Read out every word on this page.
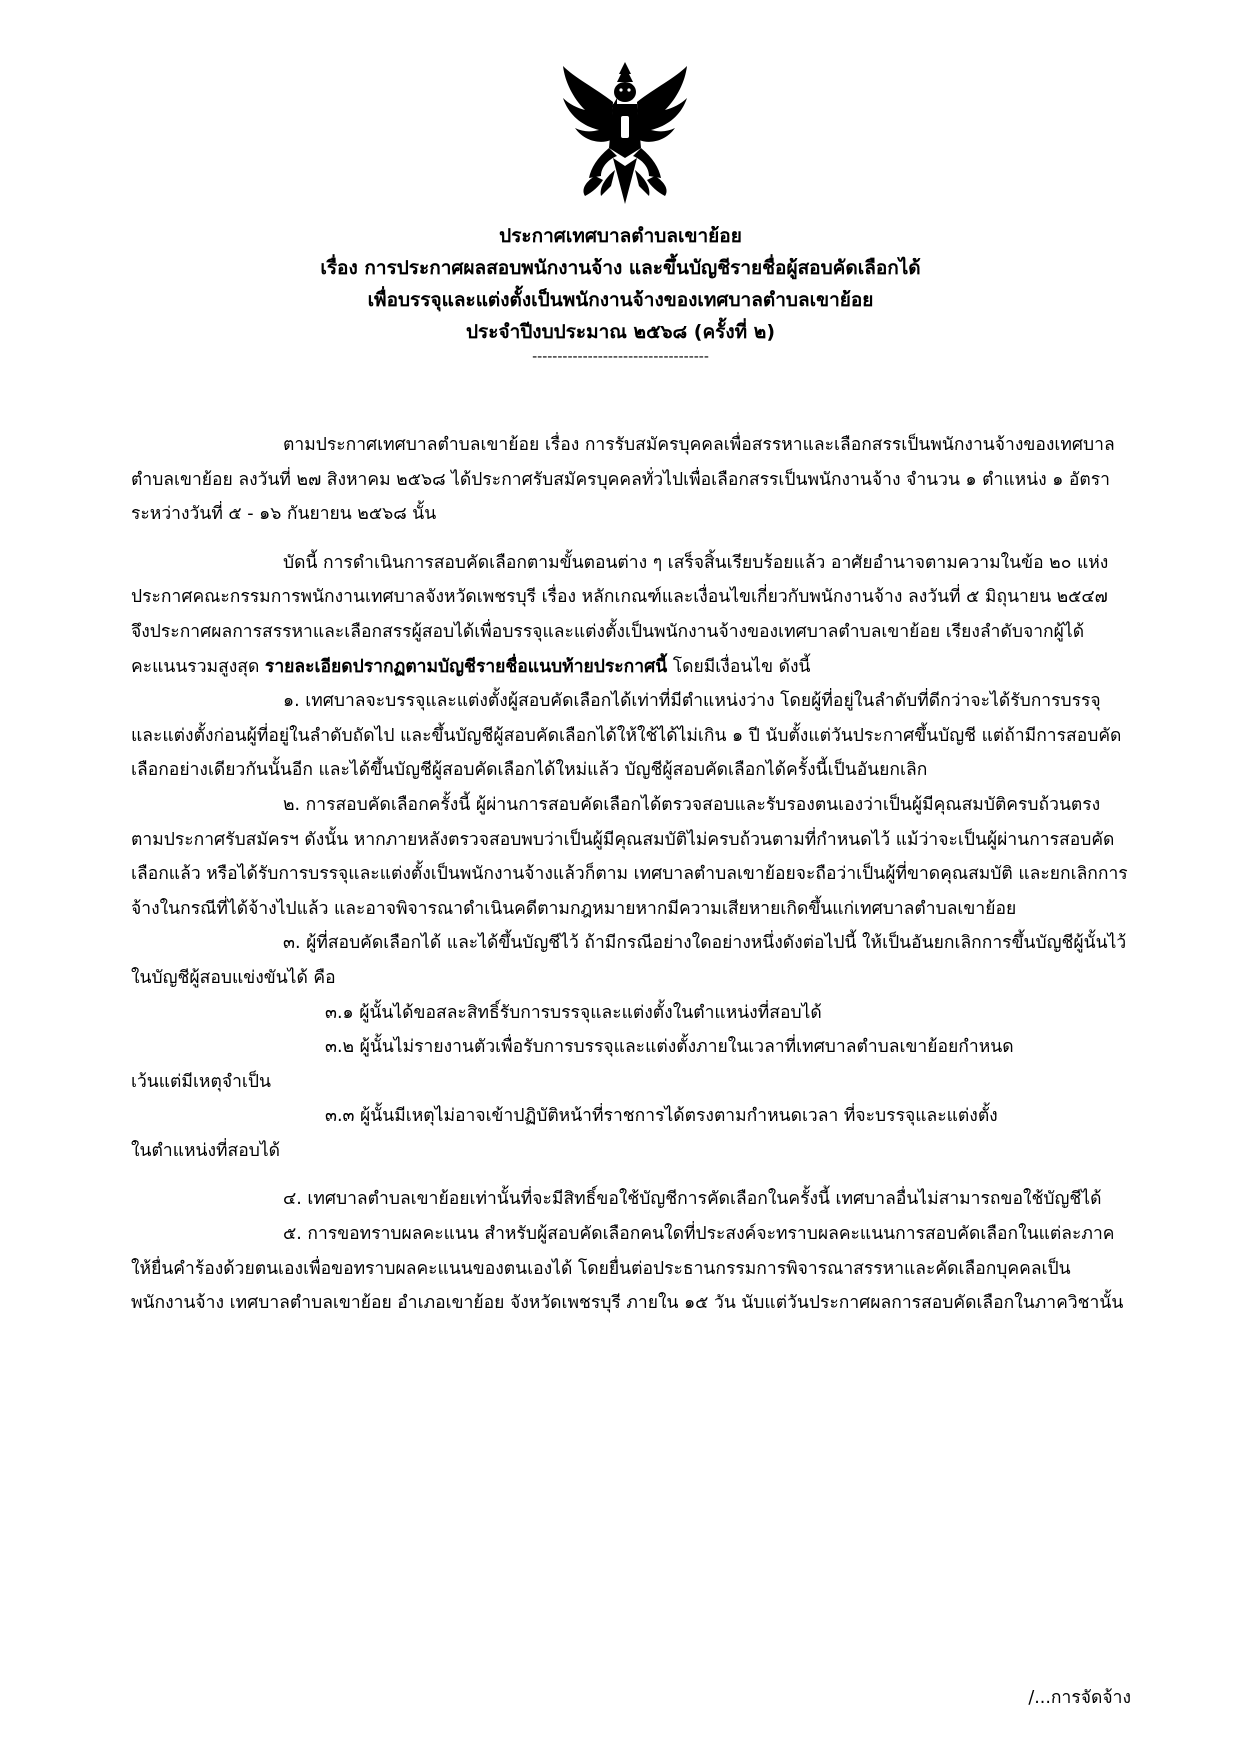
ประกาศเทศบาลตำบลเขาย้อย
เรื่อง การประกาศผลสอบพนักงานจ้าง และขึ้นบัญชีรายชื่อผู้สอบคัดเลือกได้
เพื่อบรรจุและแต่งตั้งเป็นพนักงานจ้างของเทศบาลตำบลเขาย้อย
ประจำปีงบประมาณ ๒๕๖๘ (ครั้งที่ ๒)
-----------------------------------

ตามประกาศเทศบาลตำบลเขาย้อย เรื่อง การรับสมัครบุคคลเพื่อสรรหาและเลือกสรรเป็นพนักงานจ้างของเทศบาลตำบลเขาย้อย ลงวันที่ ๒๗ สิงหาคม ๒๕๖๘ ได้ประกาศรับสมัครบุคคลทั่วไปเพื่อเลือกสรรเป็นพนักงานจ้าง จำนวน ๑ ตำแหน่ง ๑ อัตรา ระหว่างวันที่ ๕ - ๑๖ กันยายน ๒๕๖๘ นั้น

บัดนี้ การดำเนินการสอบคัดเลือกตามขั้นตอนต่าง ๆ เสร็จสิ้นเรียบร้อยแล้ว อาศัยอำนาจตามความในข้อ ๒๐ แห่งประกาศคณะกรรมการพนักงานเทศบาลจังหวัดเพชรบุรี เรื่อง หลักเกณฑ์และเงื่อนไขเกี่ยวกับพนักงานจ้าง ลงวันที่ ๕ มิถุนายน ๒๕๔๗ จึงประกาศผลการสรรหาและเลือกสรรผู้สอบได้เพื่อบรรจุและแต่งตั้งเป็นพนักงานจ้างของเทศบาลตำบลเขาย้อย เรียงลำดับจากผู้ได้คะแนนรวมสูงสุด รายละเอียดปรากฏตามบัญชีรายชื่อแนบท้ายประกาศนี้ โดยมีเงื่อนไข ดังนี้

๑. เทศบาลจะบรรจุและแต่งตั้งผู้สอบคัดเลือกได้เท่าที่มีตำแหน่งว่าง โดยผู้ที่อยู่ในลำดับที่ดีกว่าจะได้รับการบรรจุและแต่งตั้งก่อนผู้ที่อยู่ในลำดับถัดไป และขึ้นบัญชีผู้สอบคัดเลือกได้ให้ใช้ได้ไม่เกิน ๑ ปี นับตั้งแต่วันประกาศขึ้นบัญชี แต่ถ้ามีการสอบคัดเลือกอย่างเดียวกันนั้นอีก และได้ขึ้นบัญชีผู้สอบคัดเลือกได้ใหม่แล้ว บัญชีผู้สอบคัดเลือกได้ครั้งนี้เป็นอันยกเลิก

๒. การสอบคัดเลือกครั้งนี้ ผู้ผ่านการสอบคัดเลือกได้ตรวจสอบและรับรองตนเองว่าเป็นผู้มีคุณสมบัติครบถ้วนตรงตามประกาศรับสมัครฯ ดังนั้น หากภายหลังตรวจสอบพบว่าเป็นผู้มีคุณสมบัติไม่ครบถ้วนตามที่กำหนดไว้ แม้ว่าจะเป็นผู้ผ่านการสอบคัดเลือกแล้ว หรือได้รับการบรรจุและแต่งตั้งเป็นพนักงานจ้างแล้วก็ตาม เทศบาลตำบลเขาย้อยจะถือว่าเป็นผู้ที่ขาดคุณสมบัติ และยกเลิกการจ้างในกรณีที่ได้จ้างไปแล้ว และอาจพิจารณาดำเนินคดีตามกฎหมายหากมีความเสียหายเกิดขึ้นแก่เทศบาลตำบลเขาย้อย

๓. ผู้ที่สอบคัดเลือกได้ และได้ขึ้นบัญชีไว้ ถ้ามีกรณีอย่างใดอย่างหนึ่งดังต่อไปนี้ ให้เป็นอันยกเลิกการขึ้นบัญชีผู้นั้นไว้ในบัญชีผู้สอบแข่งขันได้ คือ

๓.๑ ผู้นั้นได้ขอสละสิทธิ์รับการบรรจุและแต่งตั้งในตำแหน่งที่สอบได้

๓.๒ ผู้นั้นไม่รายงานตัวเพื่อรับการบรรจุและแต่งตั้งภายในเวลาที่เทศบาลตำบลเขาย้อยกำหนด

เว้นแต่มีเหตุจำเป็น

๓.๓ ผู้นั้นมีเหตุไม่อาจเข้าปฏิบัติหน้าที่ราชการได้ตรงตามกำหนดเวลา ที่จะบรรจุและแต่งตั้ง

ในตำแหน่งที่สอบได้

๔. เทศบาลตำบลเขาย้อยเท่านั้นที่จะมีสิทธิ์ขอใช้บัญชีการคัดเลือกในครั้งนี้ เทศบาลอื่นไม่สามารถขอใช้บัญชีได้

๕. การขอทราบผลคะแนน สำหรับผู้สอบคัดเลือกคนใดที่ประสงค์จะทราบผลคะแนนการสอบคัดเลือกในแต่ละภาค ให้ยื่นคำร้องด้วยตนเองเพื่อขอทราบผลคะแนนของตนเองได้ โดยยื่นต่อประธานกรรมการพิจารณาสรรหาและคัดเลือกบุคคลเป็นพนักงานจ้าง เทศบาลตำบลเขาย้อย อำเภอเขาย้อย จังหวัดเพชรบุรี ภายใน ๑๕ วัน นับแต่วันประกาศผลการสอบคัดเลือกในภาควิชานั้น

/...การจัดจ้าง
